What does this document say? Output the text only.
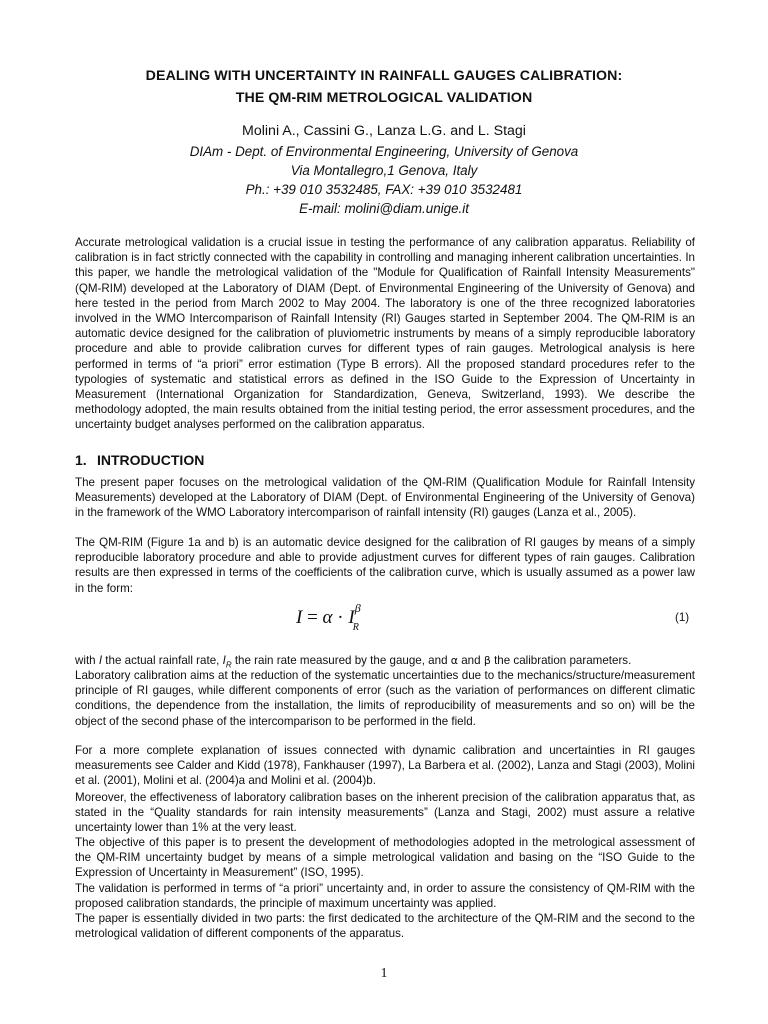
DEALING WITH UNCERTAINTY IN RAINFALL GAUGES CALIBRATION:
THE QM-RIM METROLOGICAL VALIDATION
Molini A., Cassini G., Lanza L.G. and L. Stagi
DIAm - Dept. of Environmental Engineering, University of Genova
Via Montallegro,1 Genova, Italy
Ph.: +39 010 3532485, FAX: +39 010 3532481
E-mail: molini@diam.unige.it

Accurate metrological validation is a crucial issue in testing the performance of any calibration apparatus. Reliability of calibration is in fact strictly connected with the capability in controlling and managing inherent calibration uncertainties. In this paper, we handle the metrological validation of the "Module for Qualification of Rainfall Intensity Measurements" (QM-RIM) developed at the Laboratory of DIAM (Dept. of Environmental Engineering of the University of Genova) and here tested in the period from March 2002 to May 2004. The laboratory is one of the three recognized laboratories involved in the WMO Intercomparison of Rainfall Intensity (RI) Gauges started in September 2004. The QM-RIM is an automatic device designed for the calibration of pluviometric instruments by means of a simply reproducible laboratory procedure and able to provide calibration curves for different types of rain gauges. Metrological analysis is here performed in terms of “a priori” error estimation (Type B errors). All the proposed standard procedures refer to the typologies of systematic and statistical errors as defined in the ISO Guide to the Expression of Uncertainty in Measurement (International Organization for Standardization, Geneva, Switzerland, 1993). We describe the methodology adopted, the main results obtained from the initial testing period, the error assessment procedures, and the uncertainty budget analyses performed on the calibration apparatus.

1. INTRODUCTION

The present paper focuses on the metrological validation of the QM-RIM (Qualification Module for Rainfall Intensity Measurements) developed at the Laboratory of DIAM (Dept. of Environmental Engineering of the University of Genova) in the framework of the WMO Laboratory intercomparison of rainfall intensity (RI) gauges (Lanza et al., 2005).

The QM-RIM (Figure 1a and b) is an automatic device designed for the calibration of RI gauges by means of a simply reproducible laboratory procedure and able to provide adjustment curves for different types of rain gauges. Calibration results are then expressed in terms of the coefficients of the calibration curve, which is usually assumed as a power law in the form:

$I = \alpha \cdot I_R^\beta$
(1)

with I the actual rainfall rate, $I_R$ the rain rate measured by the gauge, and α and β the calibration parameters.

Laboratory calibration aims at the reduction of the systematic uncertainties due to the mechanics/structure/measurement principle of RI gauges, while different components of error (such as the variation of performances on different climatic conditions, the dependence from the installation, the limits of reproducibility of measurements and so on) will be the object of the second phase of the intercomparison to be performed in the field.

For a more complete explanation of issues connected with dynamic calibration and uncertainties in RI gauges measurements see Calder and Kidd (1978), Fankhauser (1997), La Barbera et al. (2002), Lanza and Stagi (2003), Molini et al. (2001), Molini et al. (2004)a and Molini et al. (2004)b.

Moreover, the effectiveness of laboratory calibration bases on the inherent precision of the calibration apparatus that, as stated in the “Quality standards for rain intensity measurements” (Lanza and Stagi, 2002) must assure a relative uncertainty lower than 1% at the very least.

The objective of this paper is to present the development of methodologies adopted in the metrological assessment of the QM-RIM uncertainty budget by means of a simple metrological validation and basing on the “ISO Guide to the Expression of Uncertainty in Measurement” (ISO, 1995).

The validation is performed in terms of “a priori” uncertainty and, in order to assure the consistency of QM-RIM with the proposed calibration standards, the principle of maximum uncertainty was applied.

The paper is essentially divided in two parts: the first dedicated to the architecture of the QM-RIM and the second to the metrological validation of different components of the apparatus.

1
